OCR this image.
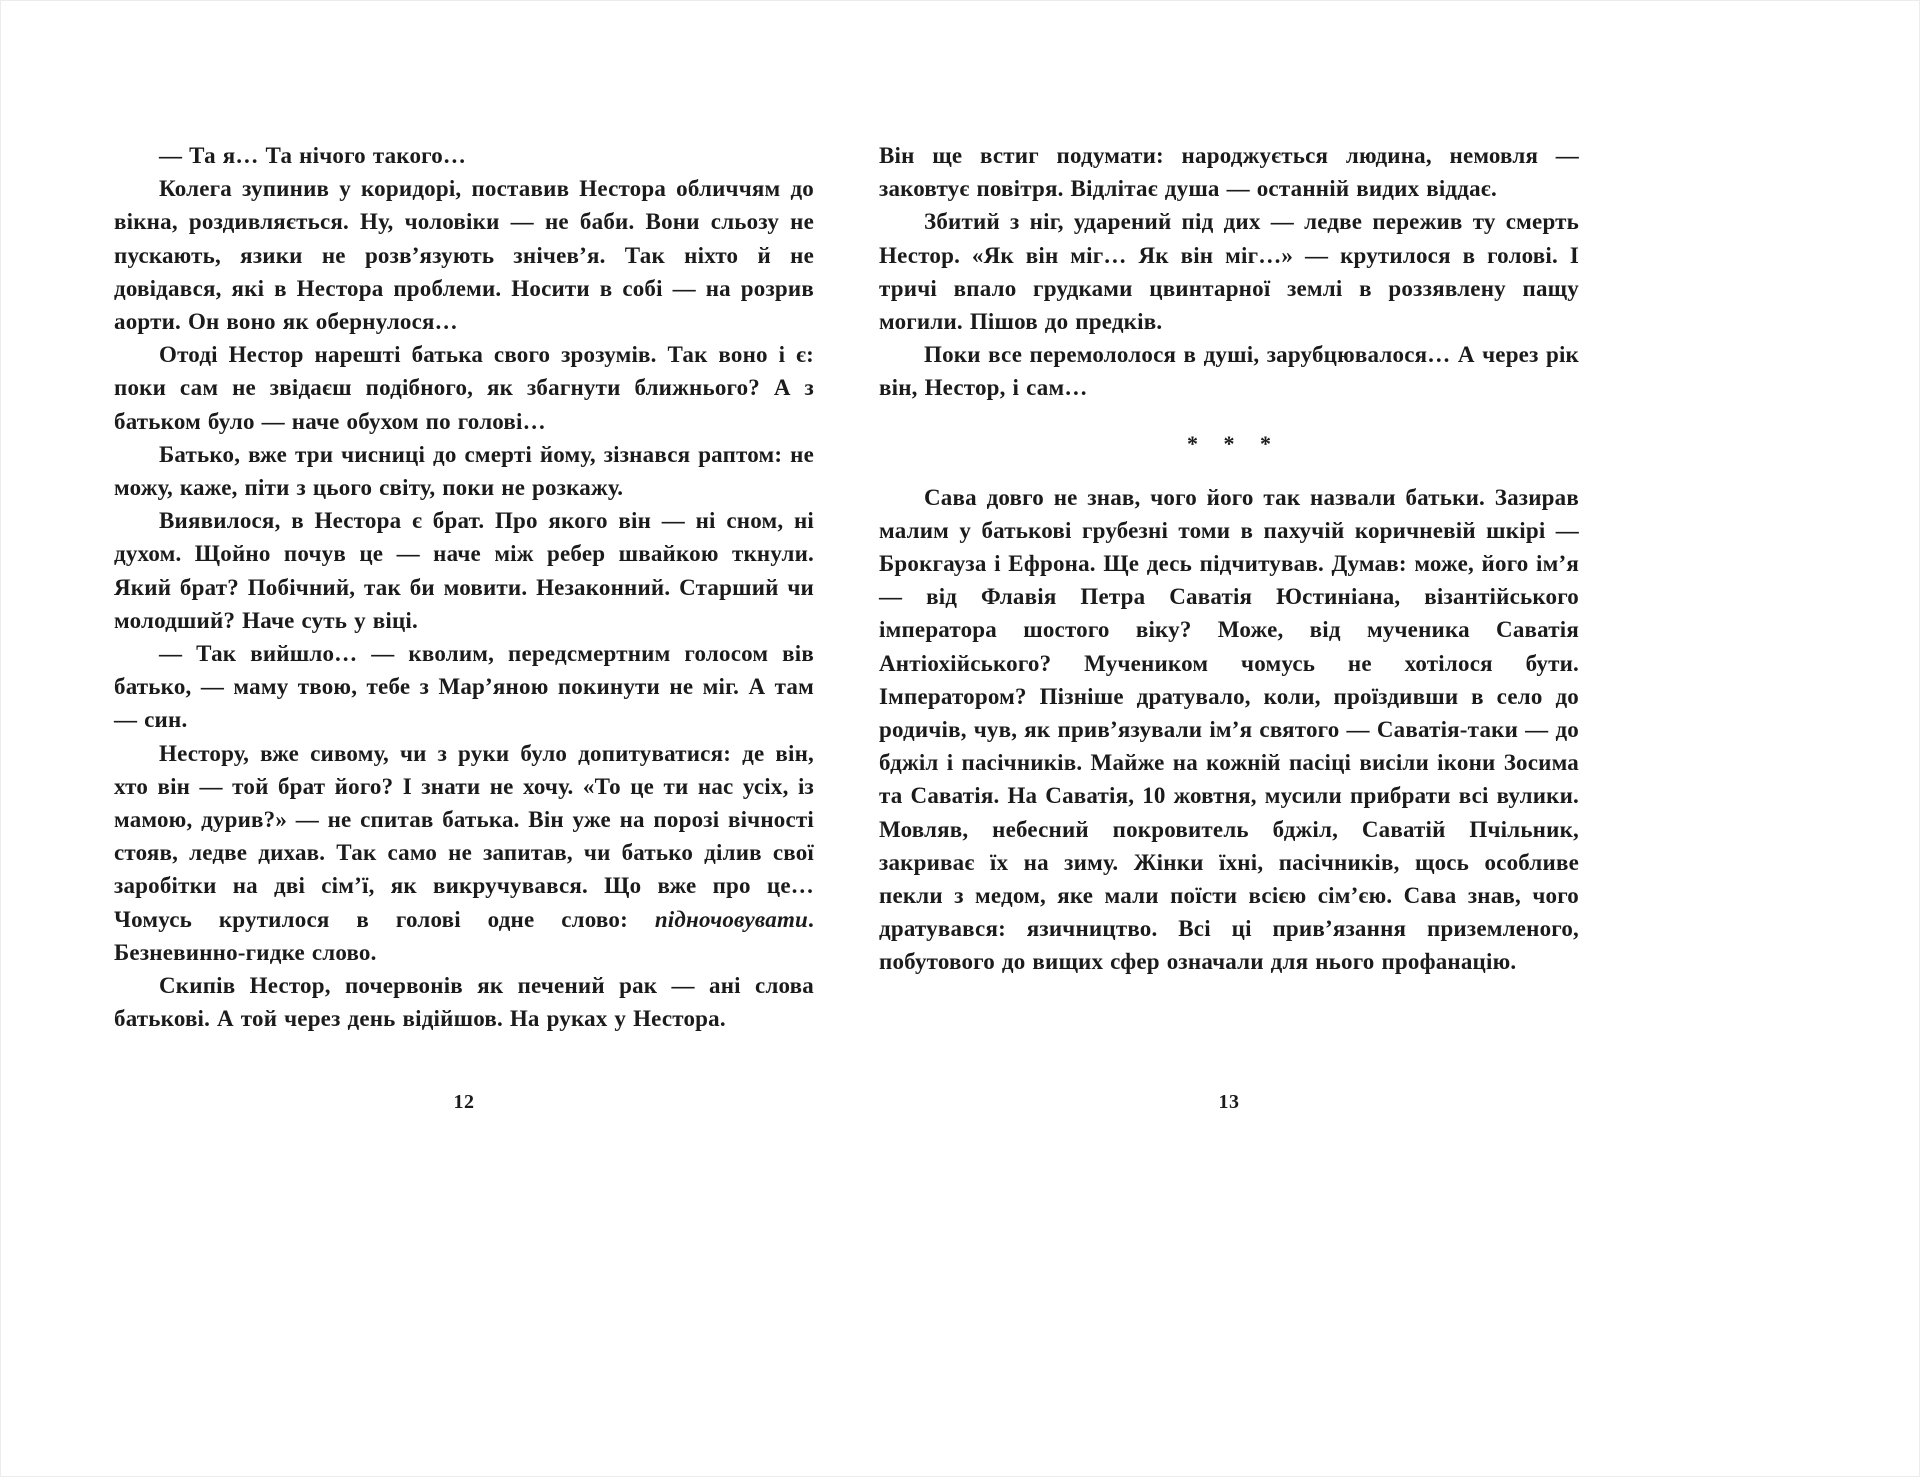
— Та я… Та нічого такого…

Колега зупинив у коридорі, поставив Нестора обличчям до вікна, роздивляється. Ну, чоловіки — не баби. Вони сльозу не пускають, язики не розв’язують знічев’я. Так ніхто й не довідався, які в Нестора проблеми. Носити в собі — на розрив аорти. Он воно як обернулося…

Отоді Нестор нарешті батька свого зрозумів. Так воно і є: поки сам не звідаєш подібного, як збагнути ближнього? А з батьком було — наче обухом по голові…

Батько, вже три чисниці до смерті йому, зізнався раптом: не можу, каже, піти з цього світу, поки не розкажу.

Виявилося, в Нестора є брат. Про якого він — ні сном, ні духом. Щойно почув це — наче між ребер швайкою ткнули. Який брат? Побічний, так би мовити. Незаконний. Старший чи молодший? Наче суть у віці.

— Так вийшло… — кволим, передсмертним голосом вів батько, — маму твою, тебе з Мар’яною покинути не міг. А там — син.

Нестору, вже сивому, чи з руки було допитуватися: де він, хто він — той брат його? І знати не хочу. «То це ти нас усіх, із мамою, дурив?» — не спитав батька. Він уже на порозі вічності стояв, ледве дихав. Так само не запитав, чи батько ділив свої заробітки на дві сім’ї, як викручувався. Що вже про це… Чомусь крутилося в голові одне слово: підночовувати. Безневинно-гидке слово.

Скипів Нестор, почервонів як печений рак — ані слова батькові. А той через день відійшов. На руках у Нестора.

12

Він ще встиг подумати: народжується людина, немовля — заковтує повітря. Відлітає душа — останній видих віддає.

Збитий з ніг, ударений під дих — ледве пережив ту смерть Нестор. «Як він міг… Як він міг…» — крутилося в голові. І тричі впало грудками цвинтарної землі в роззявлену пащу могили. Пішов до предків.

Поки все перемололося в душі, зарубцювалося… А через рік він, Нестор, і сам…

* * *

Сава довго не знав, чого його так назвали батьки. Зазирав малим у батькові грубезні томи в пахучій коричневій шкірі — Брокгауза і Ефрона. Ще десь підчитував. Думав: може, його ім’я — від Флавія Петра Саватія Юстиніана, візантійського імператора шостого віку? Може, від мученика Саватія Антіохійського? Мучеником чомусь не хотілося бути. Імператором? Пізніше дратувало, коли, проїздивши в село до родичів, чув, як прив’язували ім’я святого — Саватія-таки — до бджіл і пасічників. Майже на кожній пасіці висіли ікони Зосима та Саватія. На Саватія, 10 жовтня, мусили прибрати всі вулики. Мовляв, небесний покровитель бджіл, Саватій Пчільник, закриває їх на зиму. Жінки їхні, пасічників, щось особливе пекли з медом, яке мали поїсти всією сім’єю. Сава знав, чого дратувався: язичництво. Всі ці прив’язання приземленого, побутового до вищих сфер означали для нього профанацію.

13
